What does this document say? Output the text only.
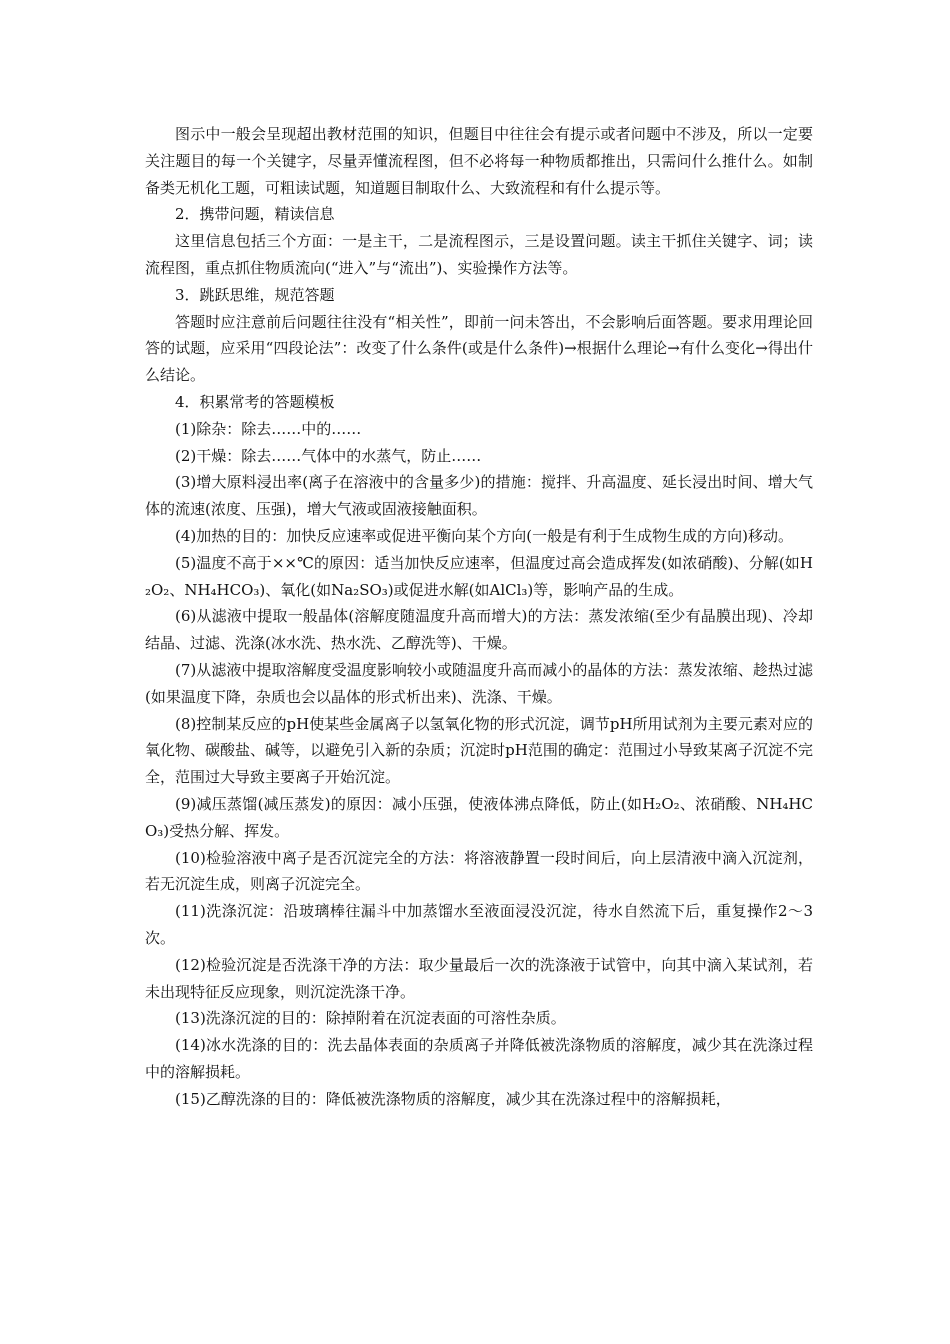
图示中一般会呈现超出教材范围的知识，但题目中往往会有提示或者问题中不涉及，所以一定要关注题目的每一个关键字，尽量弄懂流程图，但不必将每一种物质都推出，只需问什么推什么。如制备类无机化工题，可粗读试题，知道题目制取什么、大致流程和有什么提示等。

2．携带问题，精读信息

这里信息包括三个方面：一是主干，二是流程图示，三是设置问题。读主干抓住关键字、词；读流程图，重点抓住物质流向(“进入”与“流出”)、实验操作方法等。

3．跳跃思维，规范答题

答题时应注意前后问题往往没有“相关性”，即前一问未答出，不会影响后面答题。要求用理论回答的试题，应采用“四段论法”：改变了什么条件(或是什么条件)→根据什么理论→有什么变化→得出什么结论。

4．积累常考的答题模板

(1)除杂：除去……中的……

(2)干燥：除去……气体中的水蒸气，防止……

(3)增大原料浸出率(离子在溶液中的含量多少)的措施：搅拌、升高温度、延长浸出时间、增大气体的流速(浓度、压强)，增大气液或固液接触面积。

(4)加热的目的：加快反应速率或促进平衡向某个方向(一般是有利于生成物生成的方向)移动。

(5)温度不高于××℃的原因：适当加快反应速率，但温度过高会造成挥发(如浓硝酸)、分解(如H₂O₂、NH₄HCO₃)、氧化(如Na₂SO₃)或促进水解(如AlCl₃)等，影响产品的生成。

(6)从滤液中提取一般晶体(溶解度随温度升高而增大)的方法：蒸发浓缩(至少有晶膜出现)、冷却结晶、过滤、洗涤(冰水洗、热水洗、乙醇洗等)、干燥。

(7)从滤液中提取溶解度受温度影响较小或随温度升高而减小的晶体的方法：蒸发浓缩、趁热过滤(如果温度下降，杂质也会以晶体的形式析出来)、洗涤、干燥。

(8)控制某反应的pH使某些金属离子以氢氧化物的形式沉淀，调节pH所用试剂为主要元素对应的氧化物、碳酸盐、碱等，以避免引入新的杂质；沉淀时pH范围的确定：范围过小导致某离子沉淀不完全，范围过大导致主要离子开始沉淀。

(9)减压蒸馏(减压蒸发)的原因：减小压强，使液体沸点降低，防止(如H₂O₂、浓硝酸、NH₄HCO₃)受热分解、挥发。

(10)检验溶液中离子是否沉淀完全的方法：将溶液静置一段时间后，向上层清液中滴入沉淀剂，若无沉淀生成，则离子沉淀完全。

(11)洗涤沉淀：沿玻璃棒往漏斗中加蒸馏水至液面浸没沉淀，待水自然流下后，重复操作2～3次。

(12)检验沉淀是否洗涤干净的方法：取少量最后一次的洗涤液于试管中，向其中滴入某试剂，若未出现特征反应现象，则沉淀洗涤干净。

(13)洗涤沉淀的目的：除掉附着在沉淀表面的可溶性杂质。

(14)冰水洗涤的目的：洗去晶体表面的杂质离子并降低被洗涤物质的溶解度，减少其在洗涤过程中的溶解损耗。

(15)乙醇洗涤的目的：降低被洗涤物质的溶解度，减少其在洗涤过程中的溶解损耗，
